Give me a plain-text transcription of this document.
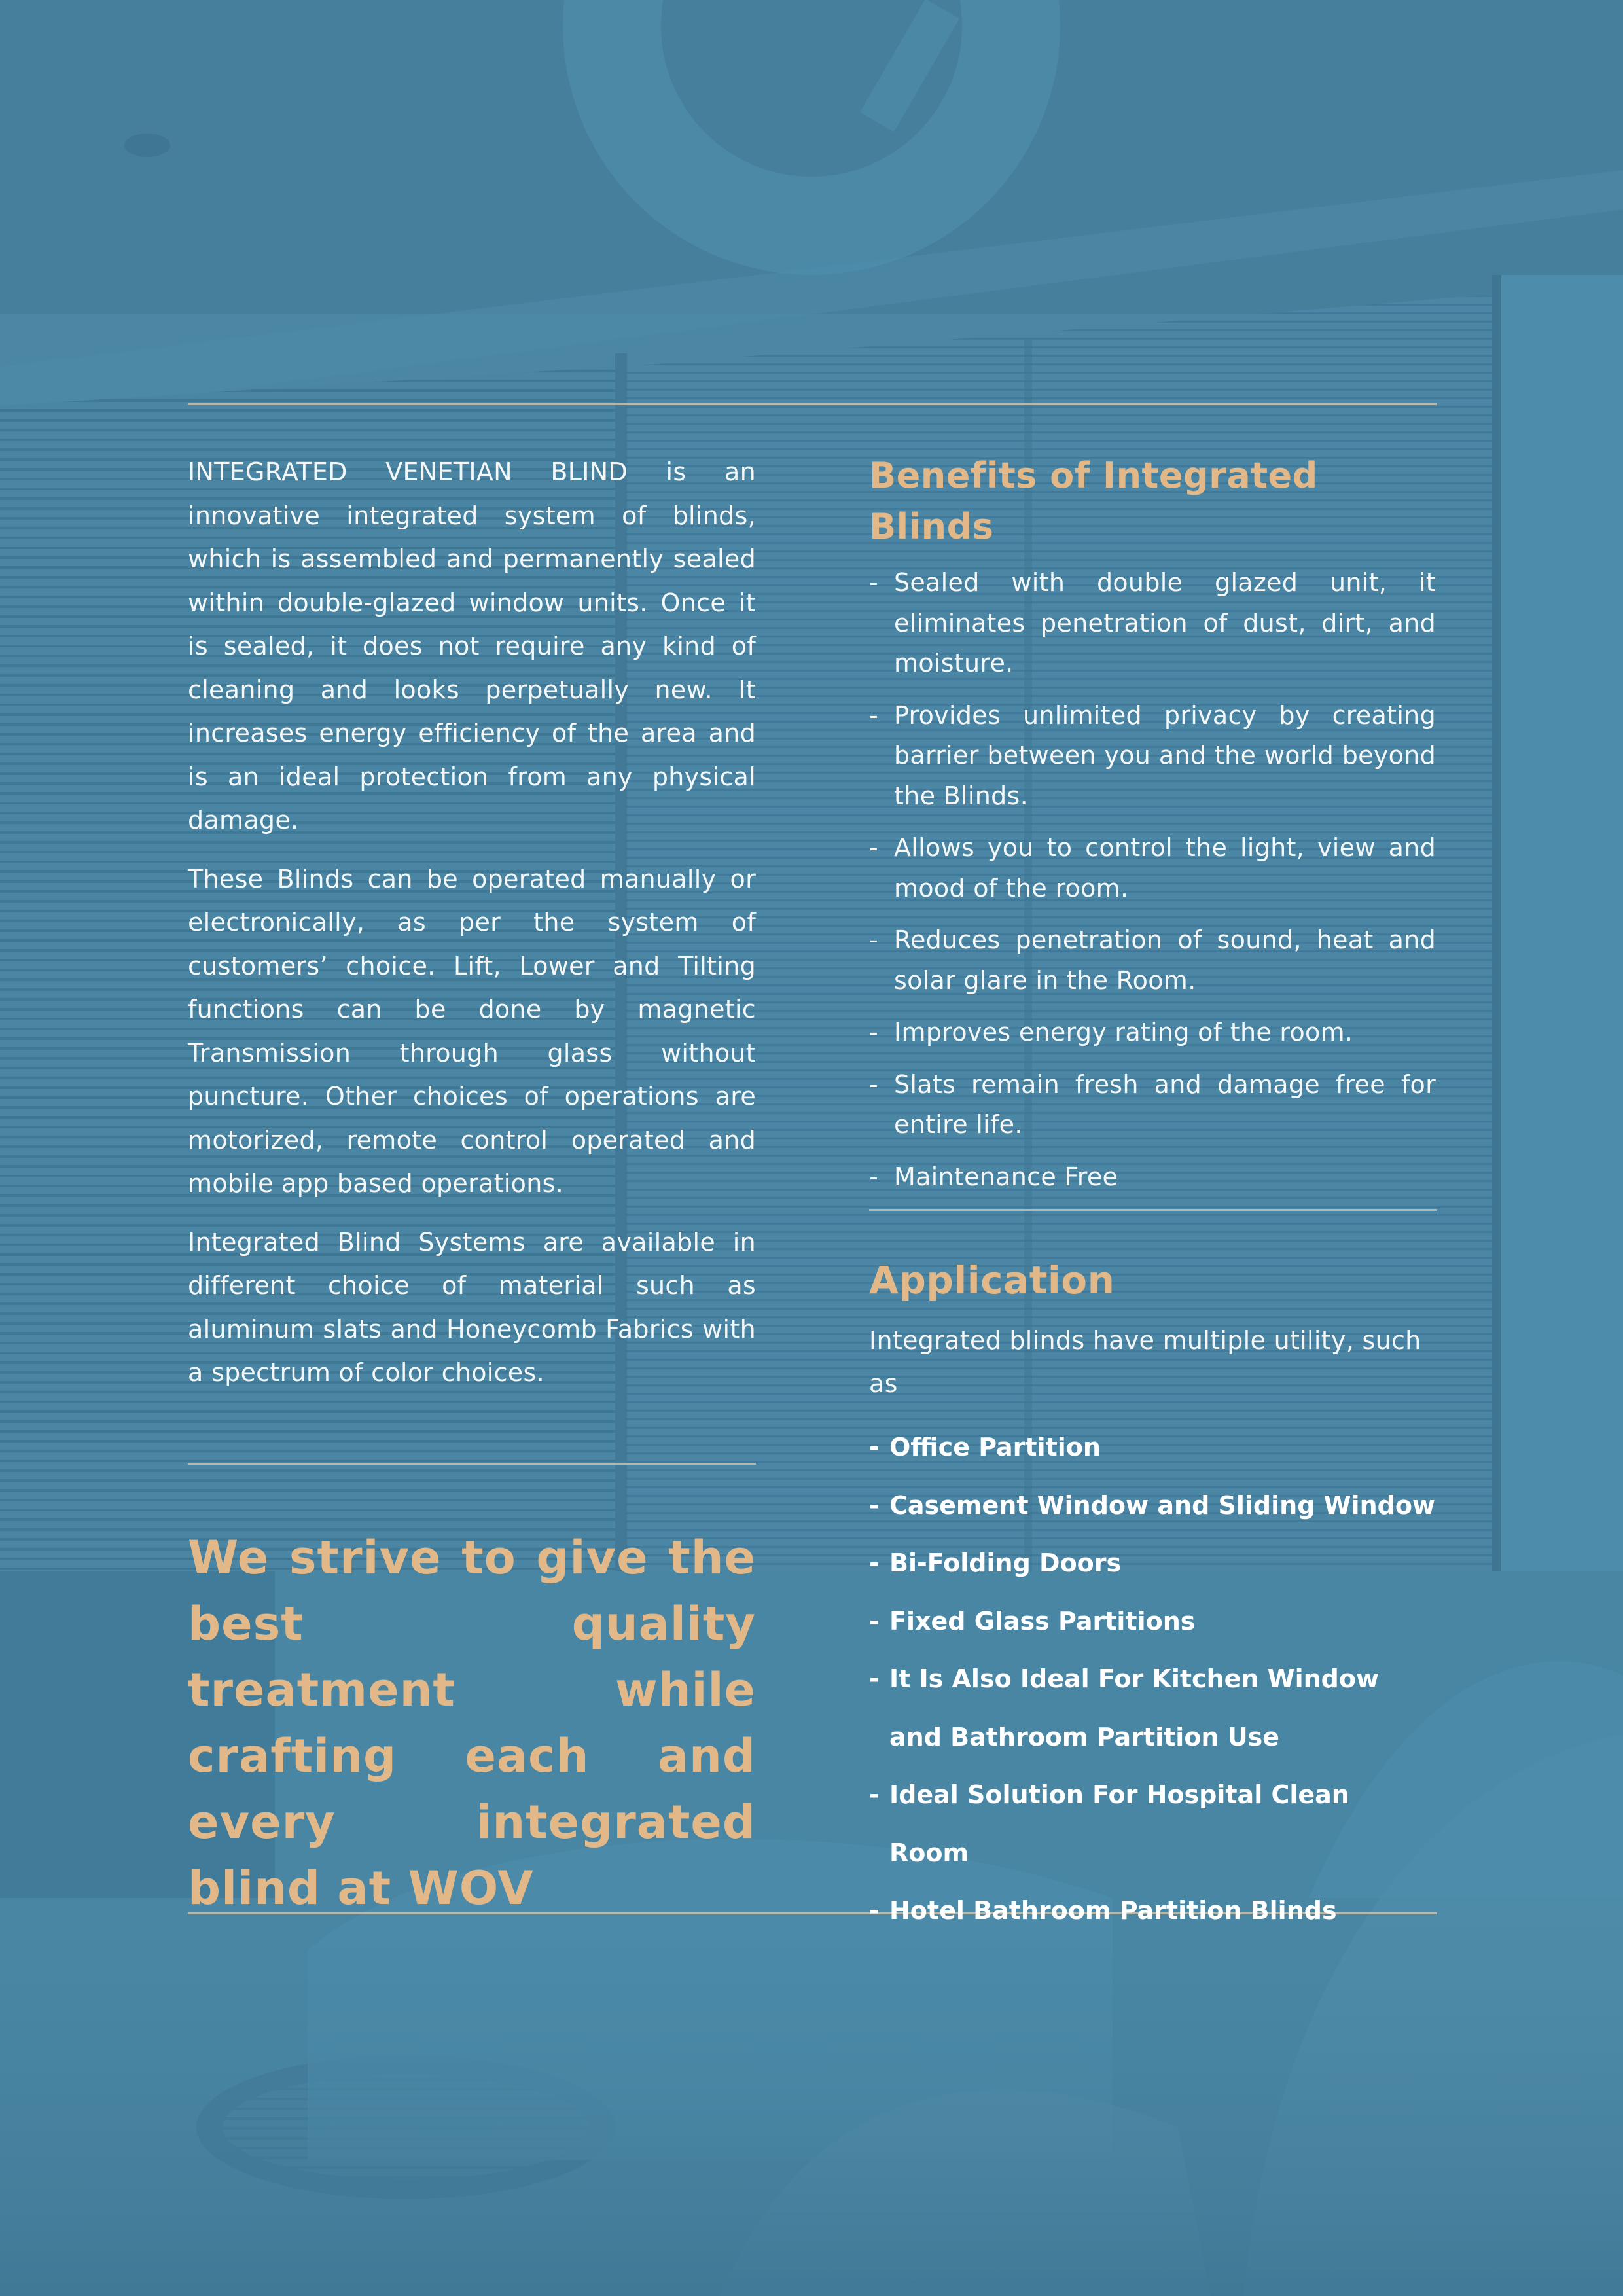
INTEGRATED VENETIAN BLIND is an innovative integrated system of blinds, which is assembled and permanently sealed within double-glazed window units. Once it is sealed, it does not require any kind of cleaning and looks perpetually new. It increases energy efficiency of the area and is an ideal protection from any physical damage.

These Blinds can be operated manually or electronically, as per the system of customers’ choice. Lift, Lower and Tilting functions can be done by magnetic Transmission through glass without puncture. Other choices of operations are motorized, remote control operated and mobile app based operations.

Integrated Blind Systems are available in different choice of material such as aluminum slats and Honeycomb Fabrics with a spectrum of color choices.

We strive to give the best quality treatment while crafting each and every integrated blind at WOV

Benefits of Integrated Blinds
- Sealed with double glazed unit, it eliminates penetration of dust, dirt, and moisture.
- Provides unlimited privacy by creating barrier between you and the world beyond the Blinds.
- Allows you to control the light, view and mood of the room.
- Reduces penetration of sound, heat and solar glare in the Room.
- Improves energy rating of the room.
- Slats remain fresh and damage free for entire life.
- Maintenance Free
Application

Integrated blinds have multiple utility, such as

- Office Partition
- Casement Window and Sliding Window
- Bi-Folding Doors
- Fixed Glass Partitions
- It Is Also Ideal For Kitchen Window and Bathroom Partition Use
- Ideal Solution For Hospital Clean Room
- Hotel Bathroom Partition Blinds
